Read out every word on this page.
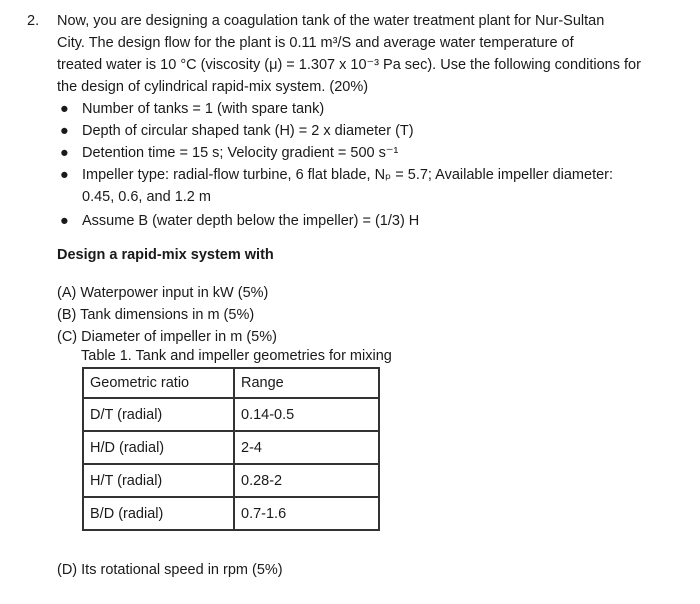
2. Now, you are designing a coagulation tank of the water treatment plant for Nur-Sultan

City. The design flow for the plant is 0.11 m³/S and average water temperature of

treated water is 10 °C (viscosity (μ) = 1.307 x 10⁻³ Pa sec). Use the following conditions for

the design of cylindrical rapid-mix system. (20%)

● Number of tanks = 1 (with spare tank)
● Depth of circular shaped tank (H) = 2 x diameter (T)
● Detention time = 15 s; Velocity gradient = 500 s⁻¹
● Impeller type: radial-flow turbine, 6 flat blade, Nₚ = 5.7; Available impeller diameter:
0.45, 0.6, and 1.2 m
● Assume B (water depth below the impeller) = (1/3) H
Design a rapid-mix system with
(A) Waterpower input in kW (5%)
(B) Tank dimensions in m (5%)
(C) Diameter of impeller in m (5%)
Table 1. Tank and impeller geometries for mixing
Geometric ratio	Range
D/T (radial)	0.14-0.5
H/D (radial)	2-4
H/T (radial)	0.28-2
B/D (radial)	0.7-1.6
(D) Its rotational speed in rpm (5%)
